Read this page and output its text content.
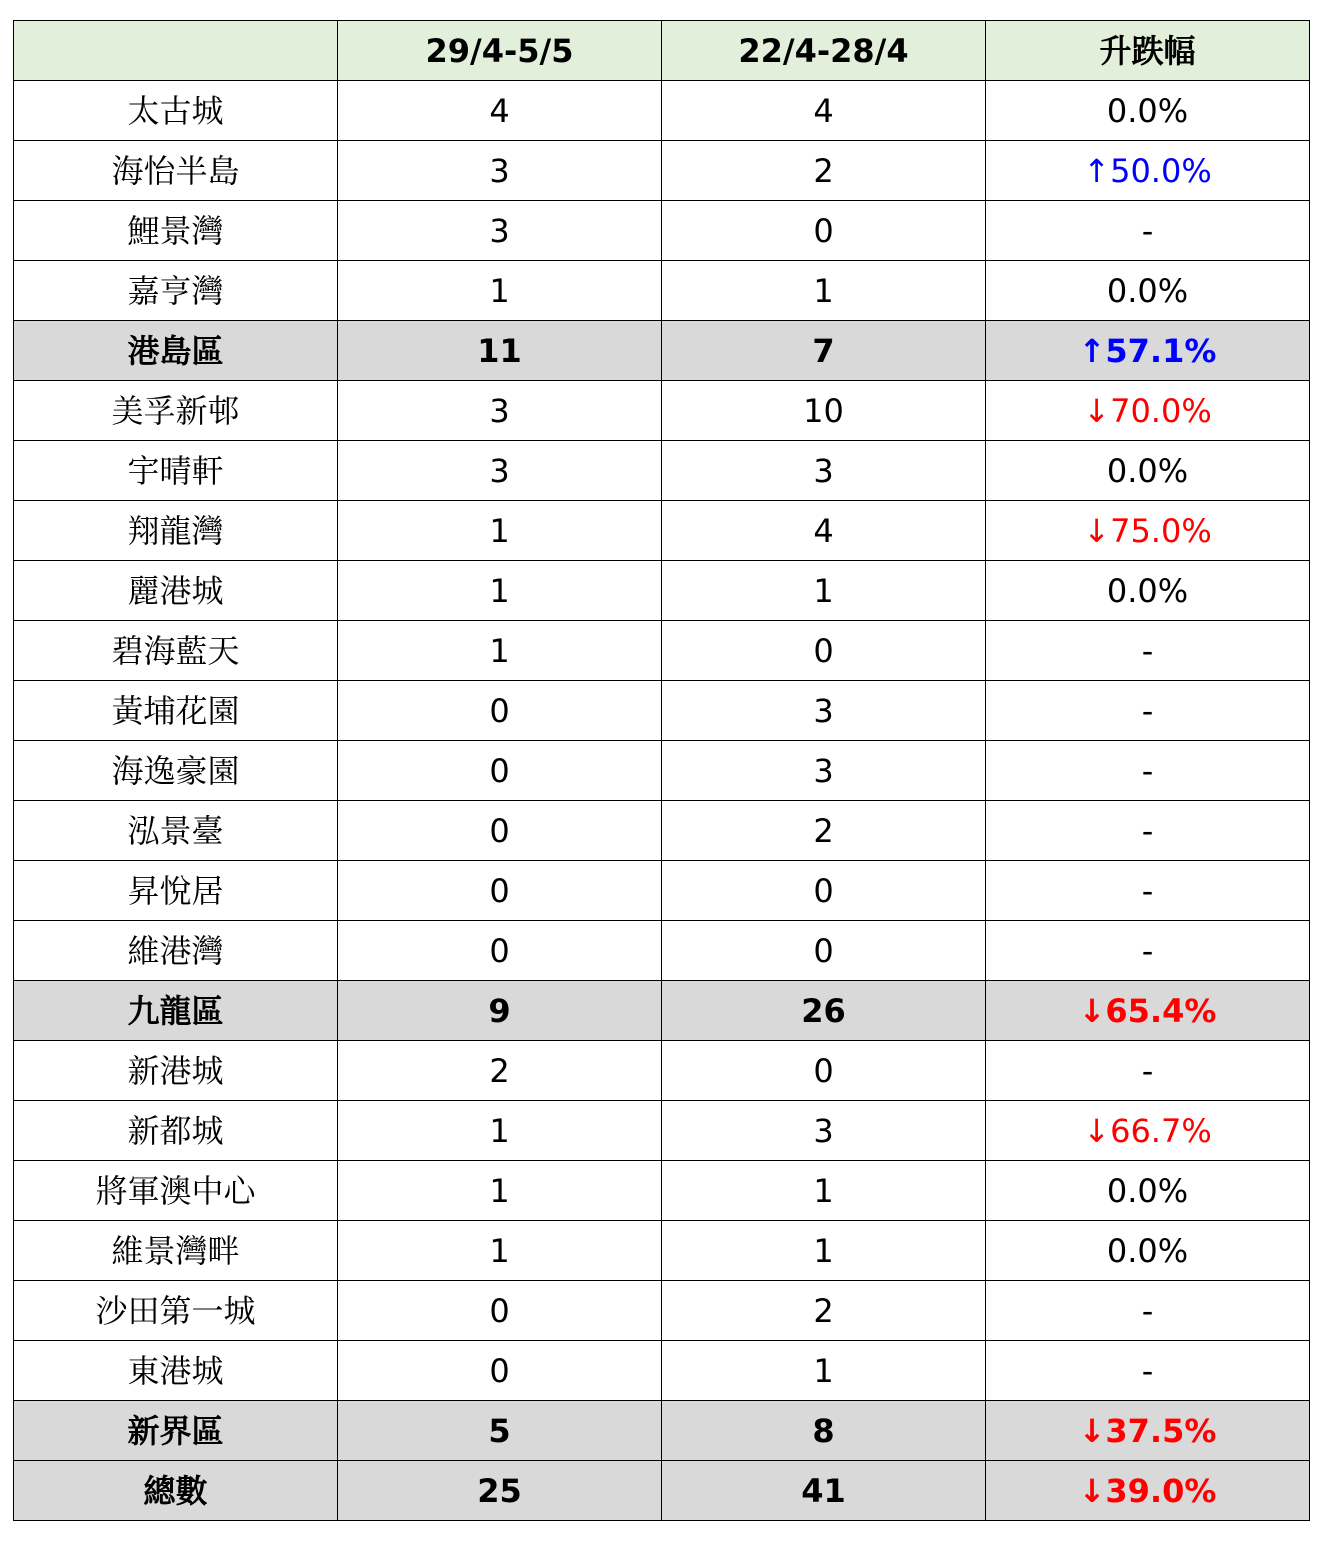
	29/4-5/5	22/4-28/4	升跌幅
太古城	4	4	0.0%
海怡半島	3	2	↑50.0%
鯉景灣	3	0	-
嘉亨灣	1	1	0.0%
港島區	11	7	↑57.1%
美孚新邨	3	10	↓70.0%
宇晴軒	3	3	0.0%
翔龍灣	1	4	↓75.0%
麗港城	1	1	0.0%
碧海藍天	1	0	-
黃埔花園	0	3	-
海逸豪園	0	3	-
泓景臺	0	2	-
昇悅居	0	0	-
維港灣	0	0	-
九龍區	9	26	↓65.4%
新港城	2	0	-
新都城	1	3	↓66.7%
將軍澳中心	1	1	0.0%
維景灣畔	1	1	0.0%
沙田第一城	0	2	-
東港城	0	1	-
新界區	5	8	↓37.5%
總數	25	41	↓39.0%
